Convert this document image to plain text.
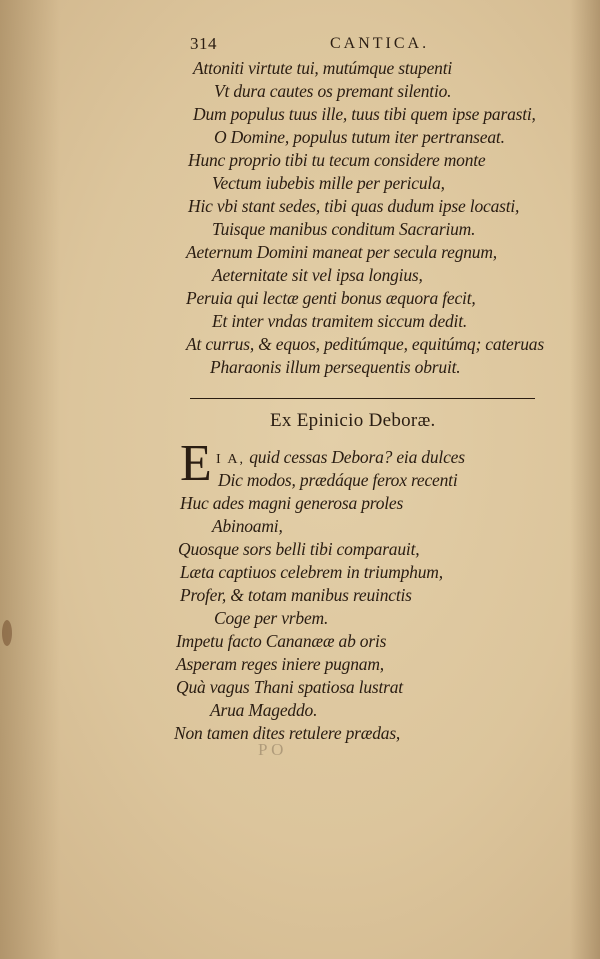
314	CANTICA.
Attoniti virtute tui, mutúmque stupenti
Vt dura cautes os premant silentio.
Dum populus tuus ille, tuus tibi quem ipse parasti,
O Domine, populus tutum iter pertranseat.
Hunc proprio tibi tu tecum considere monte
Vectum iubebis mille per pericula,
Hic vbi stant sedes, tibi quas dudum ipse locasti,
Tuisque manibus conditum Sacrarium.
Aeternum Domini maneat per secula regnum,
Aeternitate sit vel ipsa longius,
Peruia qui lectæ genti bonus æquora fecit,
Et inter vndas tramitem siccum dedit.
At currus, & equos, peditúmque, equitúmq; cateruas
Pharaonis illum persequentis obruit.
Ex Epinicio Deboræ.
E I A, quid cessas Debora? eia dulces
Dic modos, prædáque ferox recenti
Huc ades magni generosa proles
Abinoami,
Quosque sors belli tibi comparauit,
Læta captiuos celebrem in triumphum,
Profer, & totam manibus reuinctis
Coge per vrbem.
Impetu facto Cananææ ab oris
Asperam reges iniere pugnam,
Quà vagus Thani spatiosa lustrat
Arua Mageddo.
Non tamen dites retulere prædas,
P O
